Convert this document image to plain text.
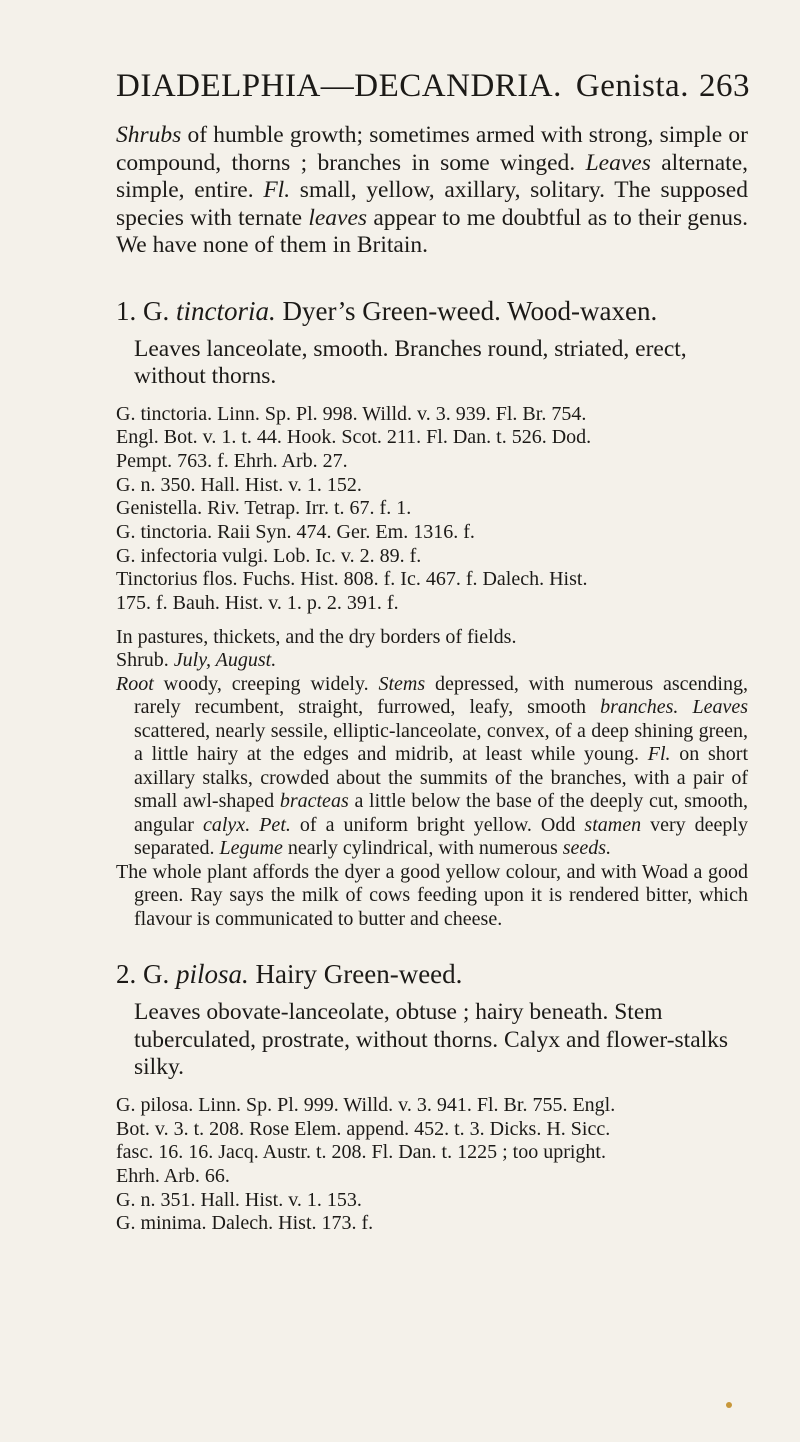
DIADELPHIA—DECANDRIA. Genista. 263

Shrubs of humble growth; sometimes armed with strong, simple or compound, thorns ; branches in some winged. Leaves alternate, simple, entire. Fl. small, yellow, axillary, solitary. The supposed species with ternate leaves appear to me doubtful as to their genus. We have none of them in Britain.

1. G. tinctoria. Dyer’s Green-weed. Wood-waxen.

Leaves lanceolate, smooth. Branches round, striated, erect, without thorns.

G. tinctoria. Linn. Sp. Pl. 998. Willd. v. 3. 939. Fl. Br. 754.
Engl. Bot. v. 1. t. 44. Hook. Scot. 211. Fl. Dan. t. 526. Dod.
Pempt. 763. f. Ehrh. Arb. 27.
G. n. 350. Hall. Hist. v. 1. 152.
Genistella. Riv. Tetrap. Irr. t. 67. f. 1.
G. tinctoria. Raii Syn. 474. Ger. Em. 1316. f.
G. infectoria vulgi. Lob. Ic. v. 2. 89. f.
Tinctorius flos. Fuchs. Hist. 808. f. Ic. 467. f. Dalech. Hist.
175. f. Bauh. Hist. v. 1. p. 2. 391. f.

In pastures, thickets, and the dry borders of fields.

Shrub. July, August.

Root woody, creeping widely. Stems depressed, with numerous ascending, rarely recumbent, straight, furrowed, leafy, smooth branches. Leaves scattered, nearly sessile, elliptic-lanceolate, convex, of a deep shining green, a little hairy at the edges and midrib, at least while young. Fl. on short axillary stalks, crowded about the summits of the branches, with a pair of small awl-shaped bracteas a little below the base of the deeply cut, smooth, angular calyx. Pet. of a uniform bright yellow. Odd stamen very deeply separated. Legume nearly cylindrical, with numerous seeds.

The whole plant affords the dyer a good yellow colour, and with Woad a good green. Ray says the milk of cows feeding upon it is rendered bitter, which flavour is communicated to butter and cheese.

2. G. pilosa. Hairy Green-weed.

Leaves obovate-lanceolate, obtuse ; hairy beneath. Stem tuberculated, prostrate, without thorns. Calyx and flower-stalks silky.

G. pilosa. Linn. Sp. Pl. 999. Willd. v. 3. 941. Fl. Br. 755. Engl.
Bot. v. 3. t. 208. Rose Elem. append. 452. t. 3. Dicks. H. Sicc.
fasc. 16. 16. Jacq. Austr. t. 208. Fl. Dan. t. 1225 ; too upright.
Ehrh. Arb. 66.
G. n. 351. Hall. Hist. v. 1. 153.
G. minima. Dalech. Hist. 173. f.
